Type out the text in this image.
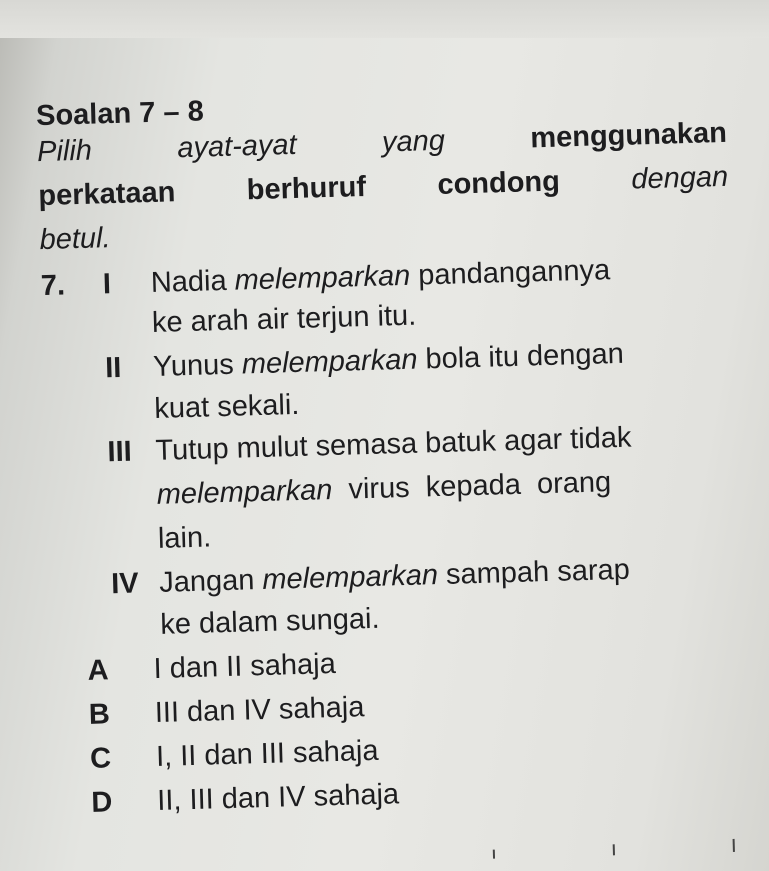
Soalan 7 – 8
Pilih	ayat-ayat	yang	menggunakan
perkataan berhuruf condong dengan
betul.
7. I Nadia melemparkan pandangannya
ke arah air terjun itu.
II Yunus melemparkan bola itu dengan
kuat sekali.
III Tutup mulut semasa batuk agar tidak
melemparkan  virus  kepada  orang
lain.
IV Jangan melemparkan sampah sarap
ke dalam sungai.
A I dan II sahaja
B III dan IV sahaja
C I, II dan III sahaja
D II, III dan IV sahaja
